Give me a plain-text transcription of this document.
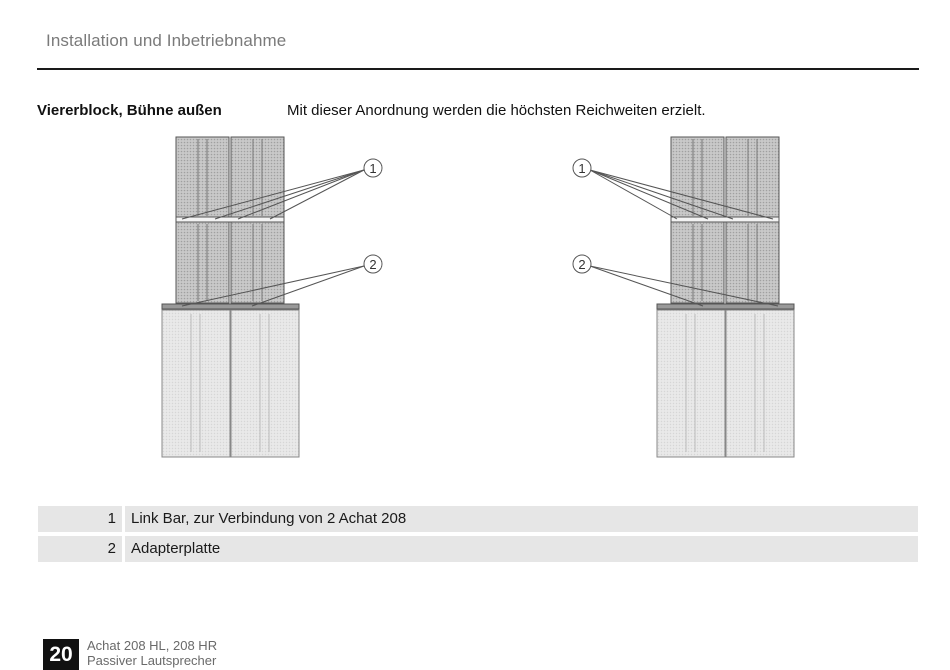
Installation und Inbetriebnahme
Viererblock, Bühne außen	Mit dieser Anordnung werden die höchsten Reichweiten erzielt.
1
2
1
2
1	Link Bar, zur Verbindung von 2 Achat 208
2	Adapterplatte
20	Achat 208 HL, 208 HR
Passiver Lautsprecher
